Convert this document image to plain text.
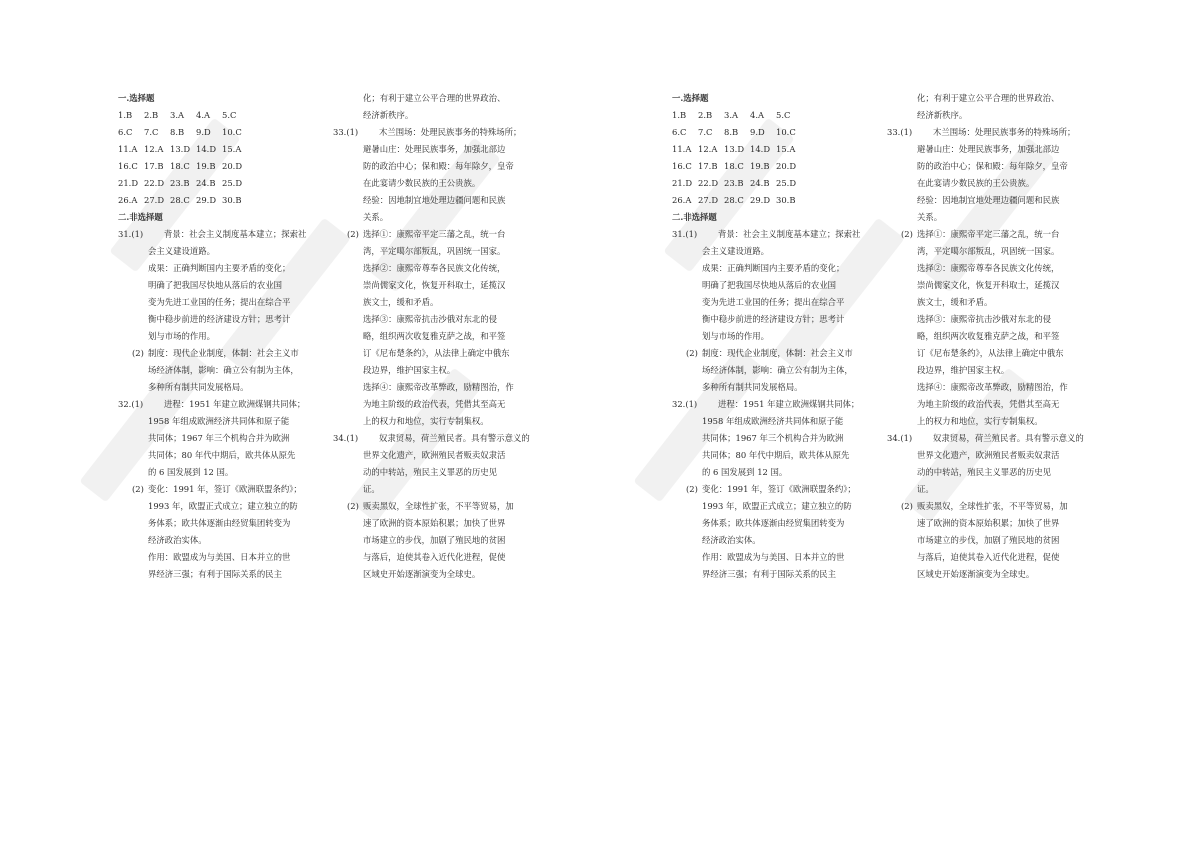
一.选择题
1.B	2.B	3.A	4.A	5.C
6.C	7.C	8.B	9.D	10.C
11.A 12.A 13.D 14.D 15.A
16.C 17.B 18.C 19.B 20.D
21.D 22.D 23.B 24.B 25.D
26.A 27.D 28.C 29.D 30.B
二.非选择题
31.(1) 背景：社会主义制度基本建立；探索社
会主义建设道路。
成果：正确判断国内主要矛盾的变化；
明确了把我国尽快地从落后的农业国
变为先进工业国的任务；提出在综合平
衡中稳步前进的经济建设方针；思考计
划与市场的作用。
(2) 制度：现代企业制度，体制：社会主义市
场经济体制，影响：确立公有制为主体，
多种所有制共同发展格局。
32.(1) 进程：1951 年建立欧洲煤钢共同体；
1958 年组成欧洲经济共同体和原子能
共同体；1967 年三个机构合并为欧洲
共同体；80 年代中期后，欧共体从原先
的 6 国发展到 12 国。
(2) 变化：1991 年，签订《欧洲联盟条约》；
1993 年，欧盟正式成立；建立独立的防
务体系；欧共体逐渐由经贸集团转变为
经济政治实体。
作用：欧盟成为与美国、日本并立的世
界经济三强；有利于国际关系的民主
化；有利于建立公平合理的世界政治、
经济新秩序。
33.(1) 木兰围场：处理民族事务的特殊场所；
避暑山庄：处理民族事务，加强北部边
防的政治中心；保和殿：每年除夕，皇帝
在此宴请少数民族的王公贵族。
经验：因地制宜地处理边疆问题和民族
关系。
(2) 选择①：康熙帝平定三藩之乱，统一台
湾，平定噶尔部叛乱，巩固统一国家。
选择②：康熙帝尊奉各民族文化传统，
崇尚儒家文化，恢复开科取士，延揽汉
族文士，缓和矛盾。
选择③：康熙帝抗击沙俄对东北的侵
略，组织两次收复雅克萨之战，和平签
订《尼布楚条约》，从法律上确定中俄东
段边界，维护国家主权。
选择④：康熙帝改革弊政，励精图治，作
为地主阶级的政治代表，凭借其至高无
上的权力和地位，实行专制集权。
34.(1) 奴隶贸易，荷兰殖民者。具有警示意义的
世界文化遗产，欧洲殖民者贩卖奴隶活
动的中转站，殖民主义罪恶的历史见
证。
(2) 贩卖黑奴，全球性扩张，不平等贸易，加
速了欧洲的资本原始积累；加快了世界
市场建立的步伐，加剧了殖民地的贫困
与落后，迫使其卷入近代化进程，促使
区域史开始逐渐演变为全球史。
一.选择题
1.B	2.B	3.A	4.A	5.C
6.C	7.C	8.B	9.D	10.C
11.A 12.A 13.D 14.D 15.A
16.C 17.B 18.C 19.B 20.D
21.D 22.D 23.B 24.B 25.D
26.A 27.D 28.C 29.D 30.B
二.非选择题
31.(1) 背景：社会主义制度基本建立；探索社
会主义建设道路。
成果：正确判断国内主要矛盾的变化；
明确了把我国尽快地从落后的农业国
变为先进工业国的任务；提出在综合平
衡中稳步前进的经济建设方针；思考计
划与市场的作用。
(2) 制度：现代企业制度，体制：社会主义市
场经济体制，影响：确立公有制为主体，
多种所有制共同发展格局。
32.(1) 进程：1951 年建立欧洲煤钢共同体；
1958 年组成欧洲经济共同体和原子能
共同体；1967 年三个机构合并为欧洲
共同体；80 年代中期后，欧共体从原先
的 6 国发展到 12 国。
(2) 变化：1991 年，签订《欧洲联盟条约》；
1993 年，欧盟正式成立；建立独立的防
务体系；欧共体逐渐由经贸集团转变为
经济政治实体。
作用：欧盟成为与美国、日本并立的世
界经济三强；有利于国际关系的民主
化；有利于建立公平合理的世界政治、
经济新秩序。
33.(1) 木兰围场：处理民族事务的特殊场所；
避暑山庄：处理民族事务，加强北部边
防的政治中心；保和殿：每年除夕，皇帝
在此宴请少数民族的王公贵族。
经验：因地制宜地处理边疆问题和民族
关系。
(2) 选择①：康熙帝平定三藩之乱，统一台
湾，平定噶尔部叛乱，巩固统一国家。
选择②：康熙帝尊奉各民族文化传统，
崇尚儒家文化，恢复开科取士，延揽汉
族文士，缓和矛盾。
选择③：康熙帝抗击沙俄对东北的侵
略，组织两次收复雅克萨之战，和平签
订《尼布楚条约》，从法律上确定中俄东
段边界，维护国家主权。
选择④：康熙帝改革弊政，励精图治，作
为地主阶级的政治代表，凭借其至高无
上的权力和地位，实行专制集权。
34.(1) 奴隶贸易，荷兰殖民者。具有警示意义的
世界文化遗产，欧洲殖民者贩卖奴隶活
动的中转站，殖民主义罪恶的历史见
证。
(2) 贩卖黑奴，全球性扩张，不平等贸易，加
速了欧洲的资本原始积累；加快了世界
市场建立的步伐，加剧了殖民地的贫困
与落后，迫使其卷入近代化进程，促使
区域史开始逐渐演变为全球史。
